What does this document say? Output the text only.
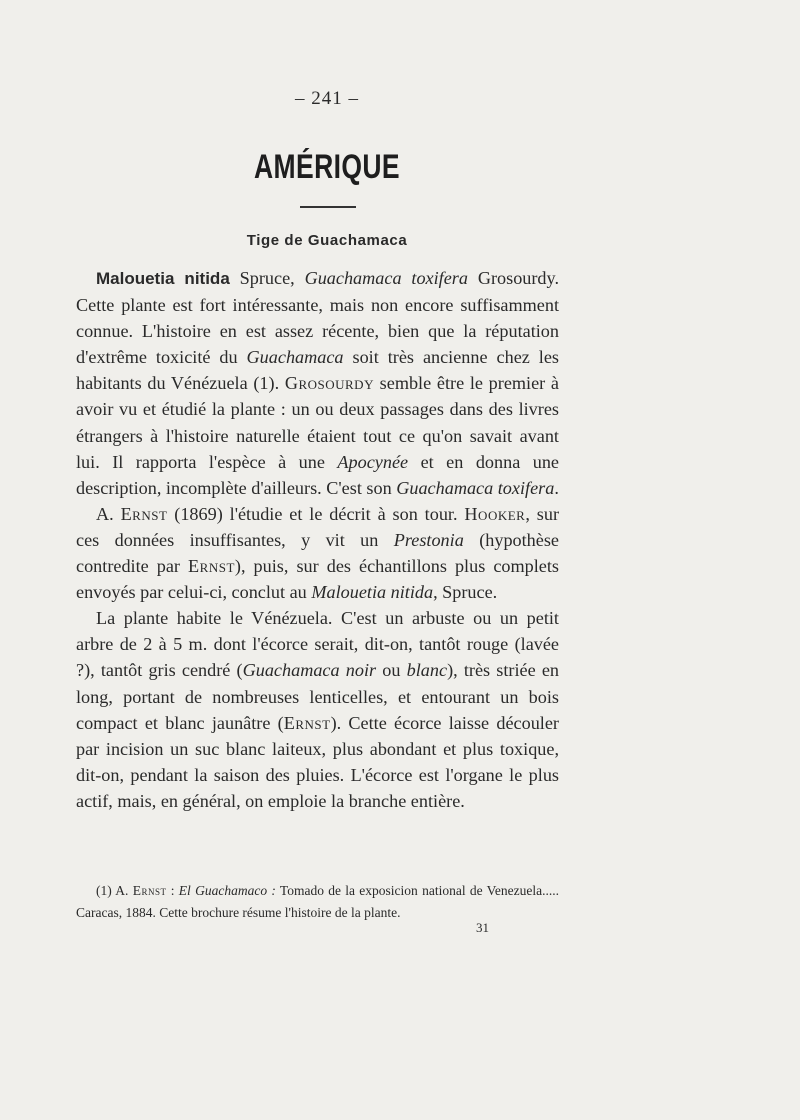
– 241 –
AMÉRIQUE
Tige de Guachamaca

Malouetia nitida Spruce, Guachamaca toxifera Grosourdy. Cette plante est fort intéressante, mais non encore suffisamment connue. L'histoire en est assez récente, bien que la réputation d'extrême toxicité du Guachamaca soit très ancienne chez les habitants du Vénézuela (1). Grosourdy semble être le premier à avoir vu et étudié la plante : un ou deux passages dans des livres étrangers à l'histoire naturelle étaient tout ce qu'on savait avant lui. Il rapporta l'espèce à une Apocynée et en donna une description, incomplète d'ailleurs. C'est son Guachamaca toxifera.

A. Ernst (1869) l'étudie et le décrit à son tour. Hooker, sur ces données insuffisantes, y vit un Prestonia (hypothèse contredite par Ernst), puis, sur des échantillons plus complets envoyés par celui-ci, conclut au Malouetia nitida, Spruce.

La plante habite le Vénézuela. C'est un arbuste ou un petit arbre de 2 à 5 m. dont l'écorce serait, dit-on, tantôt rouge (lavée ?), tantôt gris cendré (Guachamaca noir ou blanc), très striée en long, portant de nombreuses lenticelles, et entourant un bois compact et blanc jaunâtre (Ernst). Cette écorce laisse découler par incision un suc blanc laiteux, plus abondant et plus toxique, dit-on, pendant la saison des pluies. L'écorce est l'organe le plus actif, mais, en général, on emploie la branche entière.

(1) A. Ernst : El Guachamaco : Tomado de la exposicion national de Venezuela..... Caracas, 1884. Cette brochure résume l'histoire de la plante.

31
